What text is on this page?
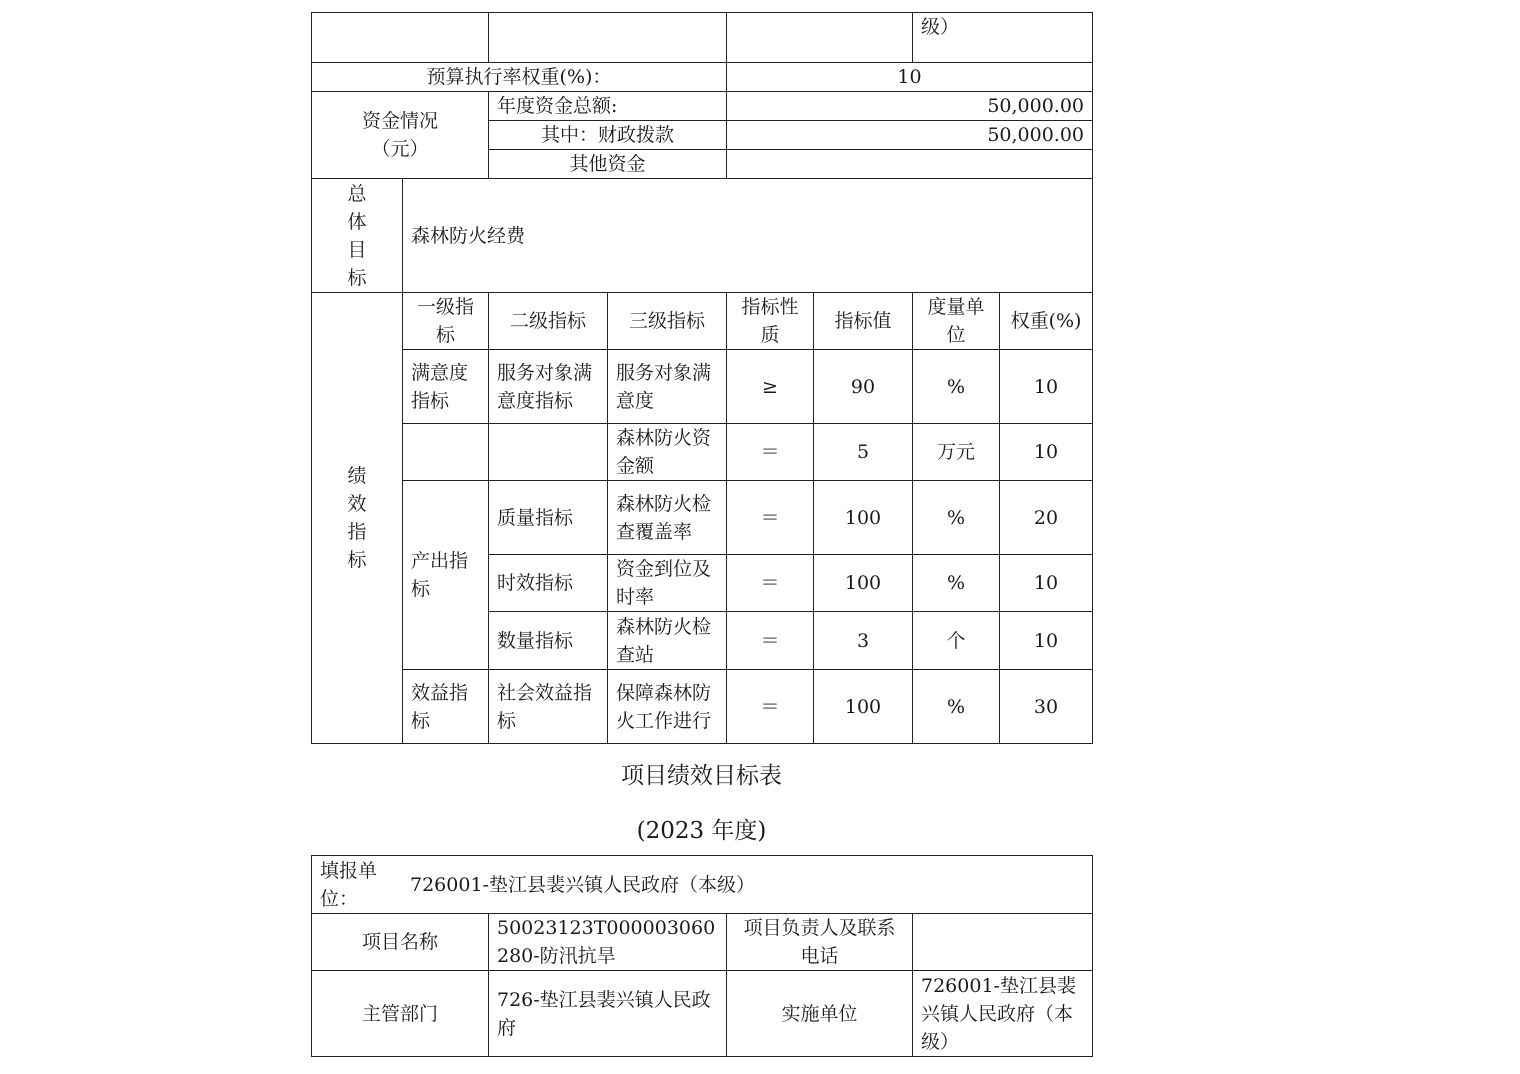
						级）	
预算执行率权重(%)：				10			
资金情况
（元）		年度资金总额:		50,000.00			
		其中：财政拨款		50,000.00			
		其他资金					

总
体
目
标	森林防火经费						

绩
效
指
标	一级指标	二级指标	三级指标	指标性质	指标值	度量单位	权重(%)
	满意度指标	服务对象满意度指标	服务对象满意度	≥	90	%	10
			森林防火资金额	＝	5	万元	10
	产出指标	质量指标	森林防火检查覆盖率	＝	100	%	20
		时效指标	资金到位及时率	＝	100	%	10
		数量指标	森林防火检查站	＝	3	个	10
	效益指标	社会效益指标	保障森林防火工作进行	＝	100	%	30
项目绩效目标表
(2023 年度)
填报单位：
726001-垫江县裴兴镇人民政府（本级）			

项目名称	50023123T000003060280-防汛抗旱	项目负责人及联系电话	
主管部门	726-垫江县裴兴镇人民政府	实施单位	726001-垫江县裴兴镇人民政府（本级）
